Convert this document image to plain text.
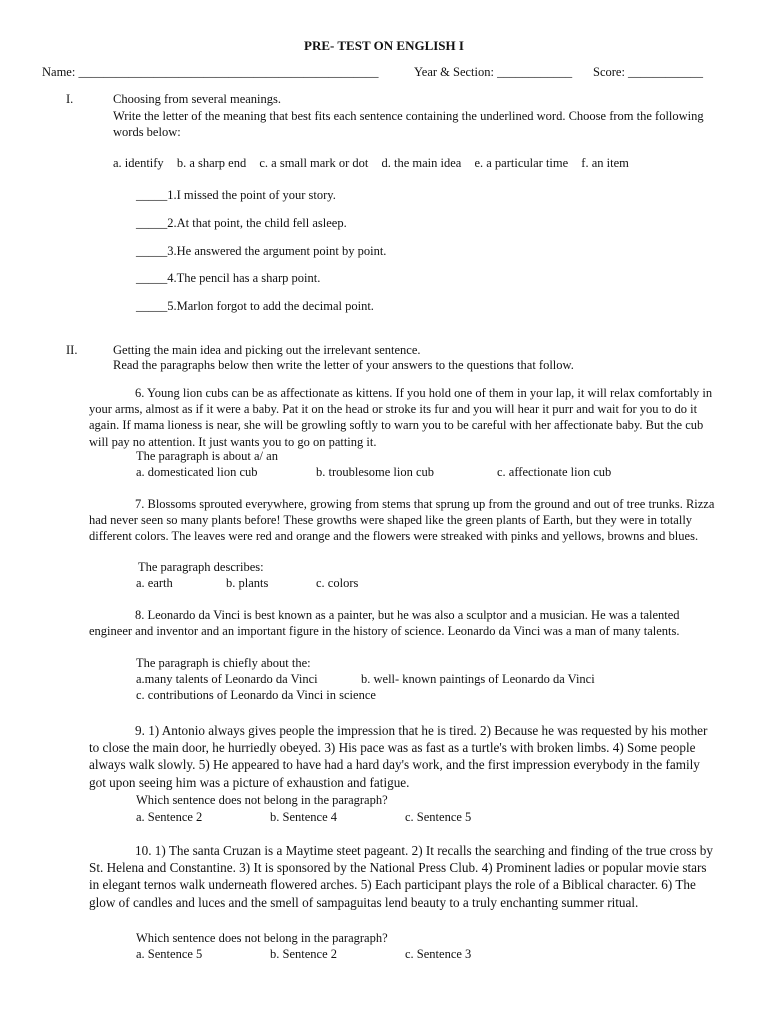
PRE- TEST ON ENGLISH I
Name: ________________________________________________	Year & Section: ____________ Score: ____________
I.	Choosing from several meanings.
Write the letter of the meaning that best fits each sentence containing the underlined word. Choose from the following words below:
a. identify b. a sharp end c. a small mark or dot d. the main idea e. a particular time f. an item
_____1.I missed the point of your story.
_____2.At that point, the child fell asleep.
_____3.He answered the argument point by point.
_____4.The pencil has a sharp point.
_____5.Marlon forgot to add the decimal point.
II.	Getting the main idea and picking out the irrelevant sentence.
Read the paragraphs below then write the letter of your answers to the questions that follow.
6. Young lion cubs can be as affectionate as kittens. If you hold one of them in your lap, it will relax comfortably in your arms, almost as if it were a baby. Pat it on the head or stroke its fur and you will hear it purr and wait for you to do it again. If mama lioness is near, she will be growling softly to warn you to be careful with her affectionate baby. But the cub will pay no attention. It just wants you to go on patting it.
The paragraph is about a/ an
a. domesticated lion cub	b. troublesome lion cub	c. affectionate lion cub
7. Blossoms sprouted everywhere, growing from stems that sprung up from the ground and out of tree trunks. Rizza had never seen so many plants before! These growths were shaped like the green plants of Earth, but they were in totally different colors. The leaves were red and orange and the flowers were streaked with pinks and yellows, browns and blues.
The paragraph describes:
a. earth	b. plants	c. colors
8. Leonardo da Vinci is best known as a painter, but he was also a sculptor and a musician. He was a talented engineer and inventor and an important figure in the history of science. Leonardo da Vinci was a man of many talents.
The paragraph is chiefly about the:
a.many talents of Leonardo da Vinci	b. well- known paintings of Leonardo da Vinci
c. contributions of Leonardo da Vinci in science
9. 1) Antonio always gives people the impression that he is tired. 2) Because he was requested by his mother to close the main door, he hurriedly obeyed. 3) His pace was as fast as a turtle's with broken limbs. 4) Some people always walk slowly. 5) He appeared to have had a hard day's work, and the first impression everybody in the family got upon seeing him was a picture of exhaustion and fatigue.
Which sentence does not belong in the paragraph?
a. Sentence 2	b. Sentence 4	c. Sentence 5
10. 1) The santa Cruzan is a Maytime steet pageant. 2) It recalls the searching and finding of the true cross by St. Helena and Constantine. 3) It is sponsored by the National Press Club. 4) Prominent ladies or popular movie stars in elegant ternos walk underneath flowered arches. 5) Each participant plays the role of a Biblical character. 6) The glow of candles and luces and the smell of sampaguitas lend beauty to a truly enchanting summer ritual.
Which sentence does not belong in the paragraph?
a. Sentence 5	b. Sentence 2	c. Sentence 3
